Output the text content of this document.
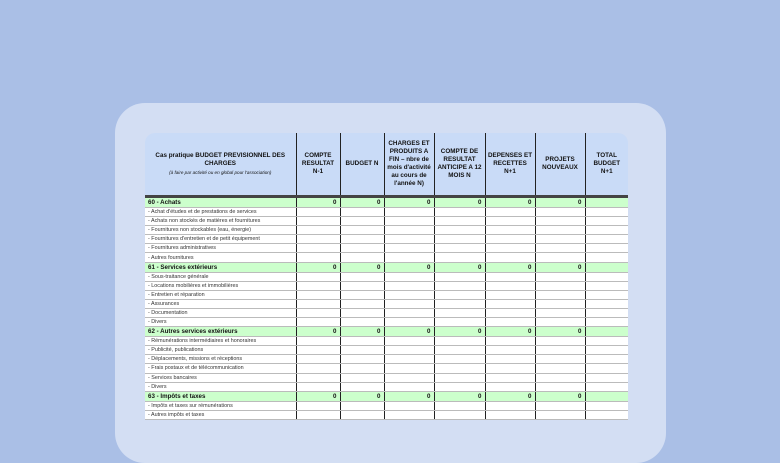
Cas pratique BUDGET PREVISIONNEL DES CHARGES
(à faire par activité ou en global pour l'association)	COMPTE RESULTAT N-1	BUDGET N	CHARGES ET PRODUITS A FIN – nbre de mois d'activité au cours de l'année N)	COMPTE DE RESULTAT ANTICIPE A 12 MOIS N	DEPENSES ET RECETTES N+1	PROJETS NOUVEAUX	TOTAL BUDGET N+1
60 - Achats	0	0	0	0	0	0	
- Achat d'études et de prestations de services							
- Achats non stockés de matières et fournitures							
- Fournitures non stockables (eau, énergie)							
- Fournitures d'entretien et de petit équipement							
- Fournitures administratives							
- Autres fournitures							
61 - Services extérieurs	0	0	0	0	0	0	
- Sous-traitance générale							
- Locations mobilières et immobilières							
- Entretien et réparation							
- Assurances							
- Documentation							
- Divers							
62 - Autres services extérieurs	0	0	0	0	0	0	
- Rémunérations intermédiaires et honoraires							
- Publicité, publications							
- Déplacements, missions et réceptions							
- Frais postaux et de télécommunication							
- Services bancaires							
- Divers							
63 - Impôts et taxes	0	0	0	0	0	0	
- Impôts et taxes sur rémunérations							
- Autres impôts et taxes							
